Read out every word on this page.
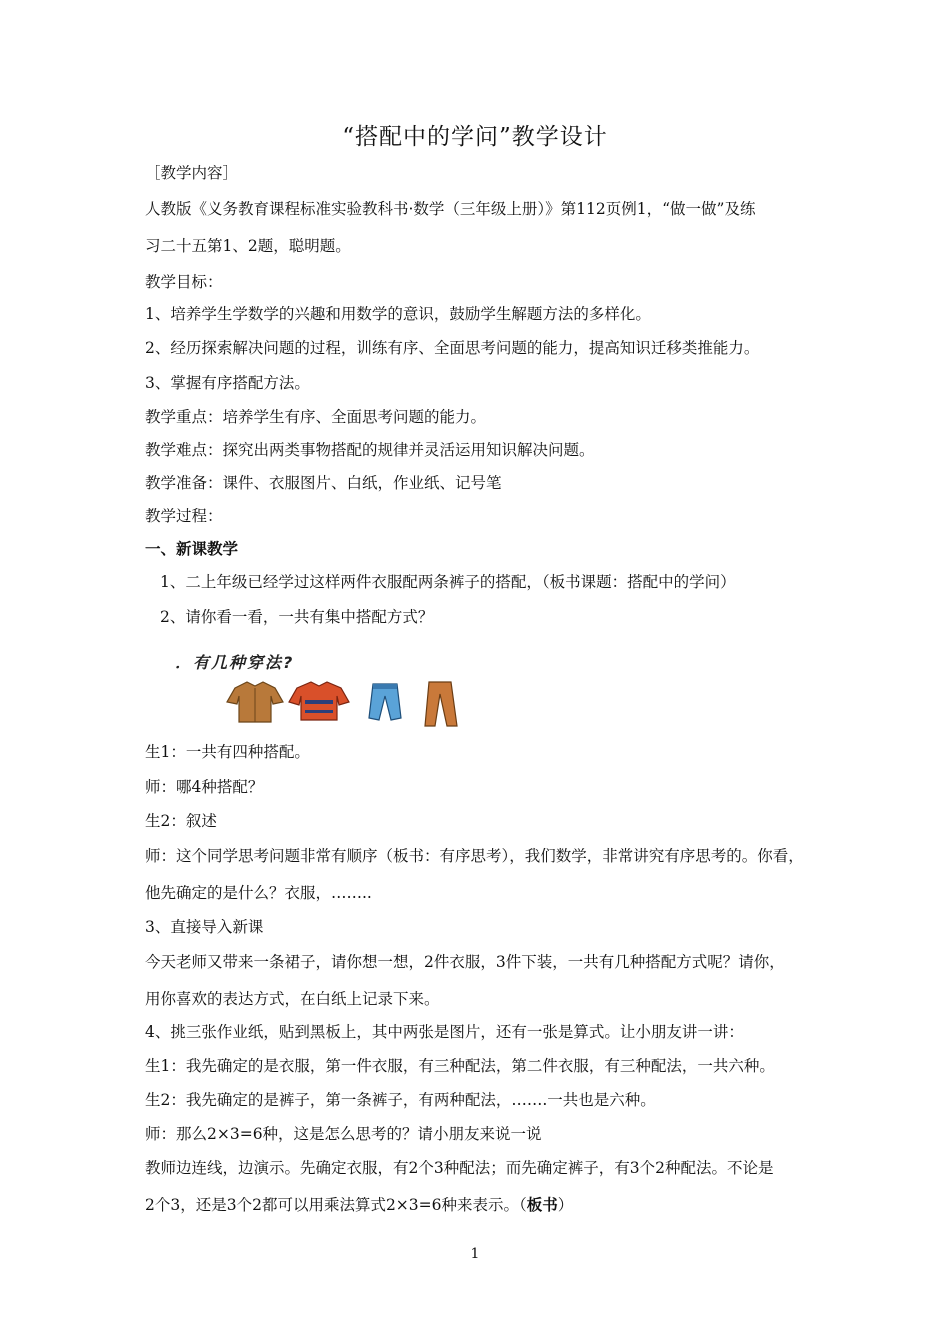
“搭配中的学问”教学设计
［教学内容］
人教版《义务教育课程标准实验教科书·数学（三年级上册）》第112页例1，“做一做”及练
习二十五第1、2题，聪明题。
教学目标：
1、培养学生学数学的兴趣和用数学的意识，鼓励学生解题方法的多样化。
2、经历探索解决问题的过程，训练有序、全面思考问题的能力，提高知识迁移类推能力。
3、掌握有序搭配方法。
教学重点：培养学生有序、全面思考问题的能力。
教学难点：探究出两类事物搭配的规律并灵活运用知识解决问题。
教学准备：课件、衣服图片、白纸，作业纸、记号笔
教学过程：
一、新课教学
1、二上年级已经学过这样两件衣服配两条裤子的搭配，（板书课题：搭配中的学问）
2、请你看一看，一共有集中搭配方式？
．有几种穿法?
生1：一共有四种搭配。
师：哪4种搭配？
生2：叙述
师：这个同学思考问题非常有顺序（板书：有序思考），我们数学，非常讲究有序思考的。你看，
他先确定的是什么？衣服，……..
3、直接导入新课
今天老师又带来一条裙子，请你想一想，2件衣服，3件下装，一共有几种搭配方式呢？请你，
用你喜欢的表达方式，在白纸上记录下来。
4、挑三张作业纸，贴到黑板上，其中两张是图片，还有一张是算式。让小朋友讲一讲：
生1：我先确定的是衣服，第一件衣服，有三种配法，第二件衣服，有三种配法，一共六种。
生2：我先确定的是裤子，第一条裤子，有两种配法，…….一共也是六种。
师：那么2×3=6种，这是怎么思考的？请小朋友来说一说
教师边连线，边演示。先确定衣服，有2个3种配法；而先确定裤子，有3个2种配法。不论是
2个3，还是3个2都可以用乘法算式2×3=6种来表示。（板书）
1
